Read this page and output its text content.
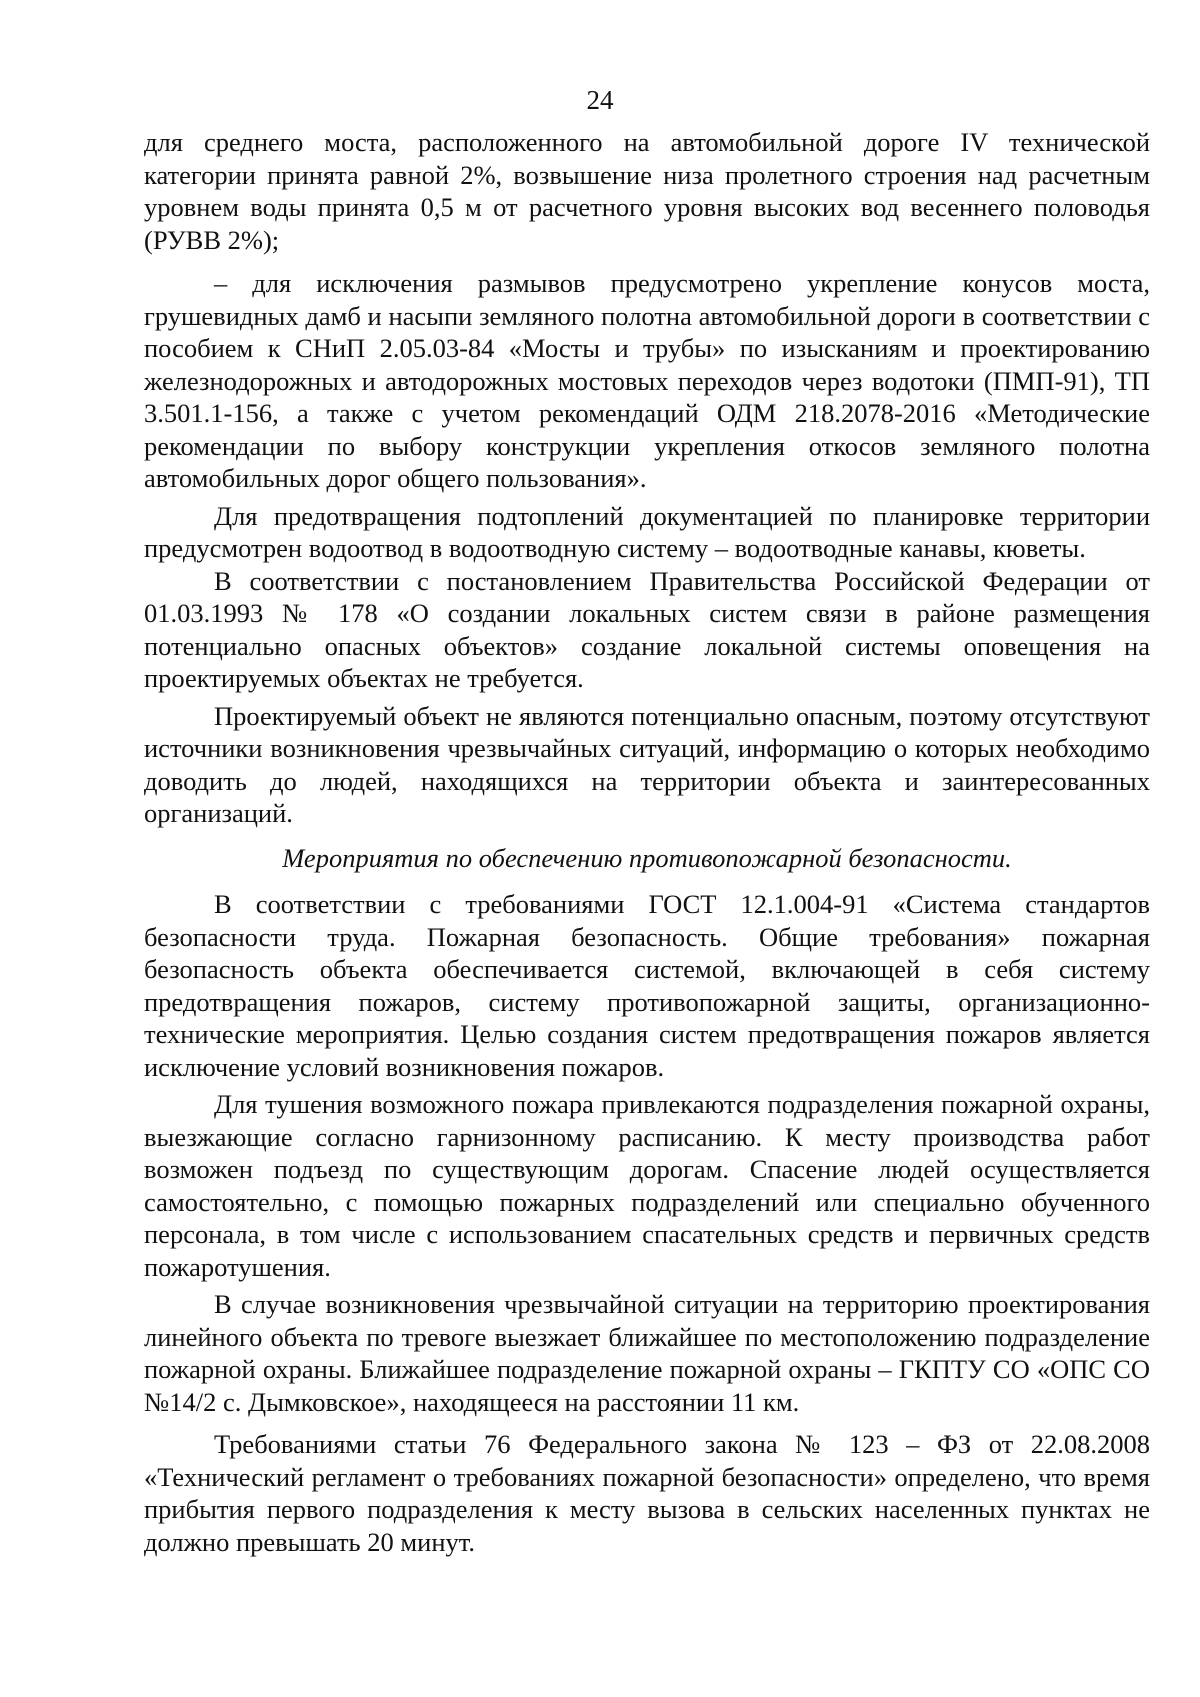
24

для среднего моста, расположенного на автомобильной дороге IV технической категории принята равной 2%, возвышение низа пролетного строения над расчетным уровнем воды принята 0,5 м от расчетного уровня высоких вод весеннего половодья (РУВВ 2%);

– для исключения размывов предусмотрено укрепление конусов моста, грушевидных дамб и насыпи земляного полотна автомобильной дороги в соответствии с пособием к СНиП 2.05.03-84 «Мосты и трубы» по изысканиям и проектированию железнодорожных и автодорожных мостовых переходов через водотоки (ПМП-91), ТП 3.501.1-156, а также с учетом рекомендаций ОДМ 218.2078-2016 «Методические рекомендации по выбору конструкции укрепления откосов земляного полотна автомобильных дорог общего пользования».

Для предотвращения подтоплений документацией по планировке территории предусмотрен водоотвод в водоотводную систему – водоотводные канавы, кюветы.

В соответствии с постановлением Правительства Российской Федерации от 01.03.1993 № 178 «О создании локальных систем связи в районе размещения потенциально опасных объектов» создание локальной системы оповещения на проектируемых объектах не требуется.

Проектируемый объект не являются потенциально опасным, поэтому отсутствуют источники возникновения чрезвычайных ситуаций, информацию о которых необходимо доводить до людей, находящихся на территории объекта и заинтересованных организаций.

Мероприятия по обеспечению противопожарной безопасности.

В соответствии с требованиями ГОСТ 12.1.004-91 «Система стандартов безопасности труда. Пожарная безопасность. Общие требования» пожарная безопасность объекта обеспечивается системой, включающей в себя систему предотвращения пожаров, систему противопожарной защиты, организационно-технические мероприятия. Целью создания систем предотвращения пожаров является исключение условий возникновения пожаров.

Для тушения возможного пожара привлекаются подразделения пожарной охраны, выезжающие согласно гарнизонному расписанию. К месту производства работ возможен подъезд по существующим дорогам. Спасение людей осуществляется самостоятельно, с помощью пожарных подразделений или специально обученного персонала, в том числе с использованием спасательных средств и первичных средств пожаротушения.

В случае возникновения чрезвычайной ситуации на территорию проектирования линейного объекта по тревоге выезжает ближайшее по местоположению подразделение пожарной охраны. Ближайшее подразделение пожарной охраны – ГКПТУ СО «ОПС СО №14/2 с. Дымковское», находящееся на расстоянии 11 км.

Требованиями статьи 76 Федерального закона № 123 – ФЗ от 22.08.2008 «Технический регламент о требованиях пожарной безопасности» определено, что время прибытия первого подразделения к месту вызова в сельских населенных пунктах не должно превышать 20 минут.
